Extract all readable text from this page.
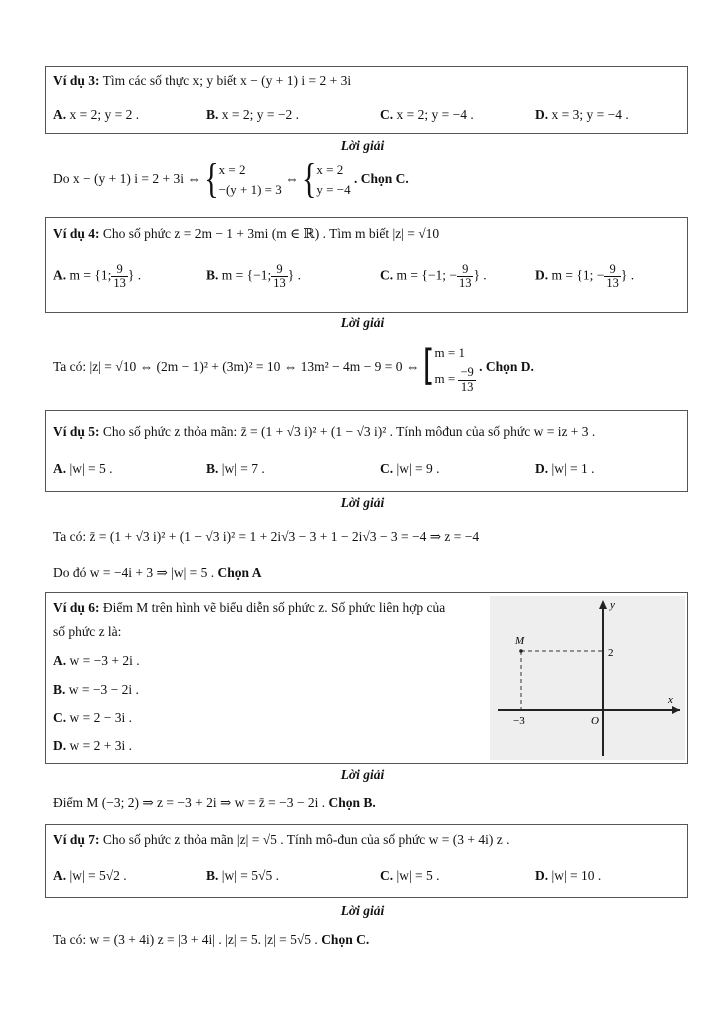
Ví dụ 3: Tìm các số thực x; y biết x − (y + 1) i = 2 + 3i
A. x = 2; y = 2 .	B. x = 2; y = −2 .	C. x = 2; y = −4 .	D. x = 3; y = −4 .
Lời giải
Do x − (y + 1) i = 2 + 3i ⇔ {x = 2
−(y + 1) = 3 ⇔ {x = 2
y = −4 . Chọn C.
Ví dụ 4: Cho số phức z = 2m − 1 + 3mi (m ∈ ℝ) . Tìm m biết |z| = √10
A. m = {1; $\frac{9}{13}$ } .	B. m = {−1; $\frac{9}{13}$ } .	C. m = {−1; − $\frac{9}{13}$ } .	D. m = {1; − $\frac{9}{13}$ } .
Lời giải
Ta có: |z| = √10 ⇔ (2m − 1)² + (3m)² = 10 ⇔ 13m² − 4m − 9 = 0 ⇔ [m = 1
$m = \frac{-9}{13}$
. Chọn D.
Ví dụ 5: Cho số phức z thỏa mãn: z̄ = (1 + √3 i)² + (1 − √3 i)² . Tính môđun của số phức w = iz + 3 .
A. |w| = 5 .	B. |w| = 7 .	C. |w| = 9 .	D. |w| = 1 .
Lời giải
Ta có: z̄ = (1 + √3 i)² + (1 − √3 i)² = 1 + 2i√3 − 3 + 1 − 2i√3 − 3 = −4 ⇒ z = −4
Do đó w = −4i + 3 ⇒ |w| = 5 . Chọn A
Ví dụ 6: Điểm M trên hình vẽ biểu diễn số phức z. Số phức liên hợp của
số phức z là:
A. w = −3 + 2i .
B. w = −3 − 2i .
C. w = 2 − 3i .
D. w = 2 + 3i .
y
x
M
2
−3	O
Lời giải
Điểm M (−3; 2) ⇒ z = −3 + 2i ⇒ w = z̄ = −3 − 2i . Chọn B.
Ví dụ 7: Cho số phức z thỏa mãn |z| = √5 . Tính mô-đun của số phức w = (3 + 4i) z .
A. |w| = 5√2 .	B. |w| = 5√5 .	C. |w| = 5 .	D. |w| = 10 .
Lời giải
Ta có: w = (3 + 4i) z = |3 + 4i| . |z| = 5. |z| = 5√5 . Chọn C.
